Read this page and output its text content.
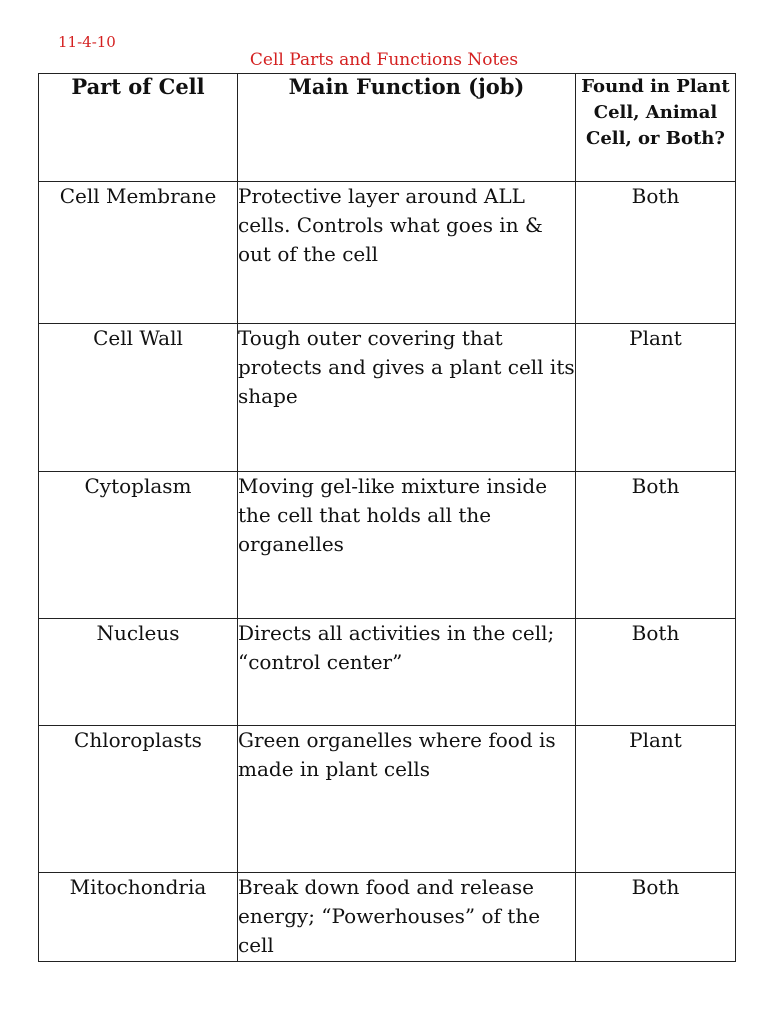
11-4-10
Cell Parts and Functions Notes
Part of Cell	Main Function (job)	Found in Plant Cell, Animal Cell, or Both?
Cell Membrane	Protective layer around ALL cells. Controls what goes in & out of the cell	Both
Cell Wall	Tough outer covering that protects and gives a plant cell its shape	Plant
Cytoplasm	Moving gel-like mixture inside the cell that holds all the organelles	Both
Nucleus	Directs all activities in the cell; “control center”	Both
Chloroplasts	Green organelles where food is made in plant cells	Plant
Mitochondria	Break down food and release energy; “Powerhouses” of the cell	Both
